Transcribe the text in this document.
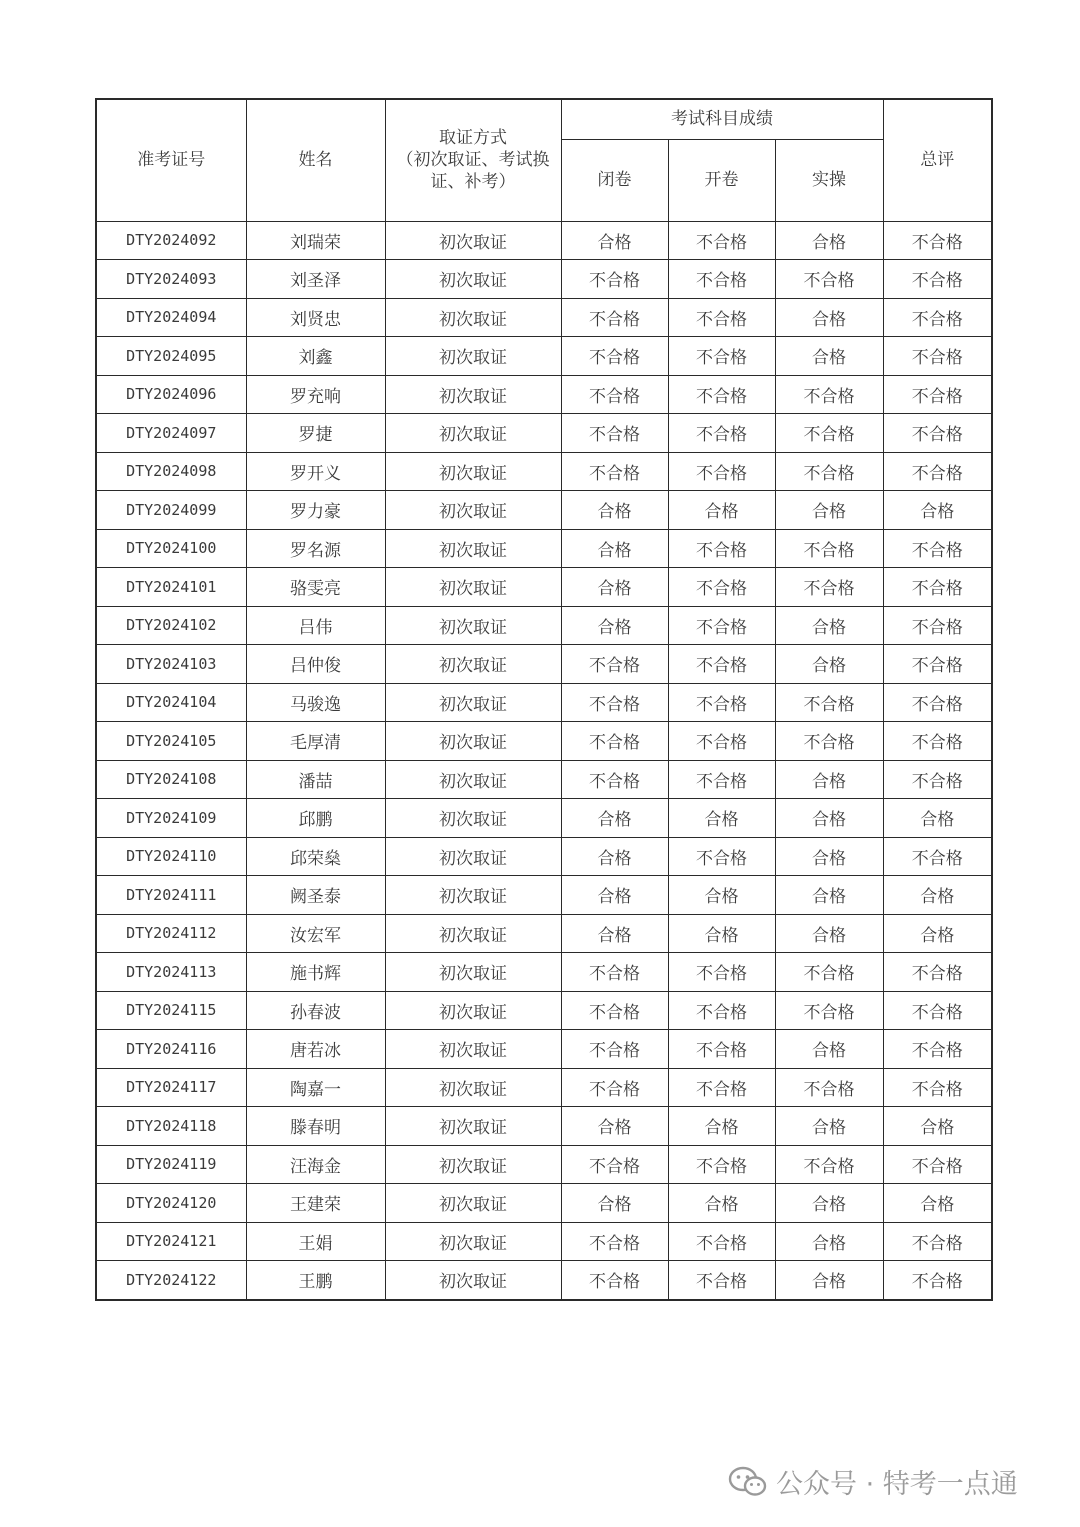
准考证号	姓名	取证方式
（初次取证、考试换证、补考）	考试科目成绩			总评
			闭卷	开卷	实操	
DTY2024092	刘瑞荣	初次取证	合格	不合格	合格	不合格
DTY2024093	刘圣泽	初次取证	不合格	不合格	不合格	不合格
DTY2024094	刘贤忠	初次取证	不合格	不合格	合格	不合格
DTY2024095	刘鑫	初次取证	不合格	不合格	合格	不合格
DTY2024096	罗充响	初次取证	不合格	不合格	不合格	不合格
DTY2024097	罗捷	初次取证	不合格	不合格	不合格	不合格
DTY2024098	罗开义	初次取证	不合格	不合格	不合格	不合格
DTY2024099	罗力豪	初次取证	合格	合格	合格	合格
DTY2024100	罗名源	初次取证	合格	不合格	不合格	不合格
DTY2024101	骆雯亮	初次取证	合格	不合格	不合格	不合格
DTY2024102	吕伟	初次取证	合格	不合格	合格	不合格
DTY2024103	吕仲俊	初次取证	不合格	不合格	合格	不合格
DTY2024104	马骏逸	初次取证	不合格	不合格	不合格	不合格
DTY2024105	毛厚清	初次取证	不合格	不合格	不合格	不合格
DTY2024108	潘喆	初次取证	不合格	不合格	合格	不合格
DTY2024109	邱鹏	初次取证	合格	合格	合格	合格
DTY2024110	邱荣燊	初次取证	合格	不合格	合格	不合格
DTY2024111	阙圣泰	初次取证	合格	合格	合格	合格
DTY2024112	汝宏军	初次取证	合格	合格	合格	合格
DTY2024113	施书辉	初次取证	不合格	不合格	不合格	不合格
DTY2024115	孙春波	初次取证	不合格	不合格	不合格	不合格
DTY2024116	唐若冰	初次取证	不合格	不合格	合格	不合格
DTY2024117	陶嘉一	初次取证	不合格	不合格	不合格	不合格
DTY2024118	滕春明	初次取证	合格	合格	合格	合格
DTY2024119	汪海金	初次取证	不合格	不合格	不合格	不合格
DTY2024120	王建荣	初次取证	合格	合格	合格	合格
DTY2024121	王娟	初次取证	不合格	不合格	合格	不合格
DTY2024122	王鹏	初次取证	不合格	不合格	合格	不合格
公众号 · 特考一点通
